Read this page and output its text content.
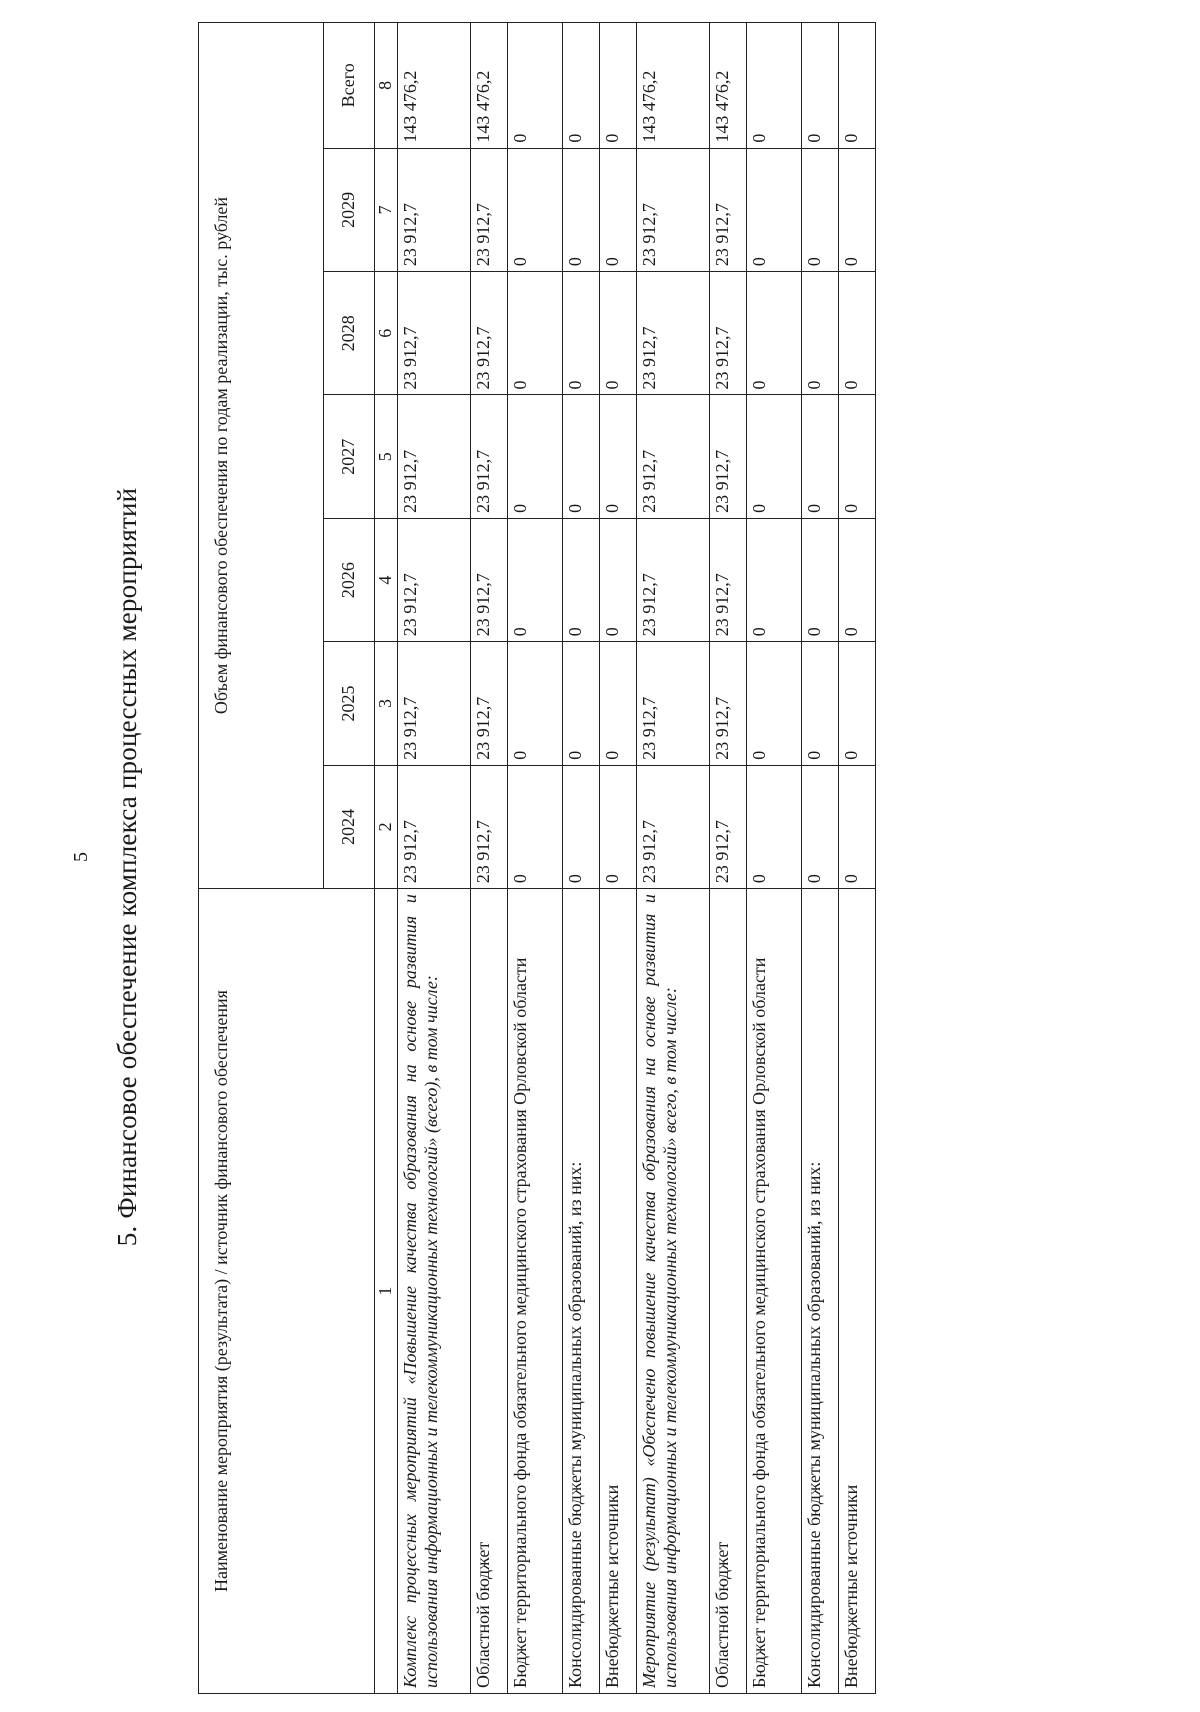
5 5. Финансовое обеспечение комплекса процессных мероприятий
Наименование мероприятия (результата) / источник финансового обеспечения	Объем финансового обеспечения по годам реализации, тыс. рублей						
	2024	2025	2026	2027	2028	2029	Всего
1	2	3	4	5	6	7	8
Комплекс процессных мероприятий «Повышение качества образования на основе развития и использования информационных и телекоммуникационных технологий» (всего), в том числе:	23 912,7	23 912,7	23 912,7	23 912,7	23 912,7	23 912,7	143 476,2
Областной бюджет	23 912,7	23 912,7	23 912,7	23 912,7	23 912,7	23 912,7	143 476,2
Бюджет территориального фонда обязательного медицинского страхования Орловской области	0	0	0	0	0	0	0
Консолидированные бюджеты муниципальных образований, из них:	0	0	0	0	0	0	0
Внебюджетные источники	0	0	0	0	0	0	0
Мероприятие (результат) «Обеспечено повышение качества образования на основе развития и использования информационных и телекоммуникационных технологий» всего, в том числе:	23 912,7	23 912,7	23 912,7	23 912,7	23 912,7	23 912,7	143 476,2
Областной бюджет	23 912,7	23 912,7	23 912,7	23 912,7	23 912,7	23 912,7	143 476,2
Бюджет территориального фонда обязательного медицинского страхования Орловской области	0	0	0	0	0	0	0
Консолидированные бюджеты муниципальных образований, из них:	0	0	0	0	0	0	0
Внебюджетные источники	0	0	0	0	0	0	0
